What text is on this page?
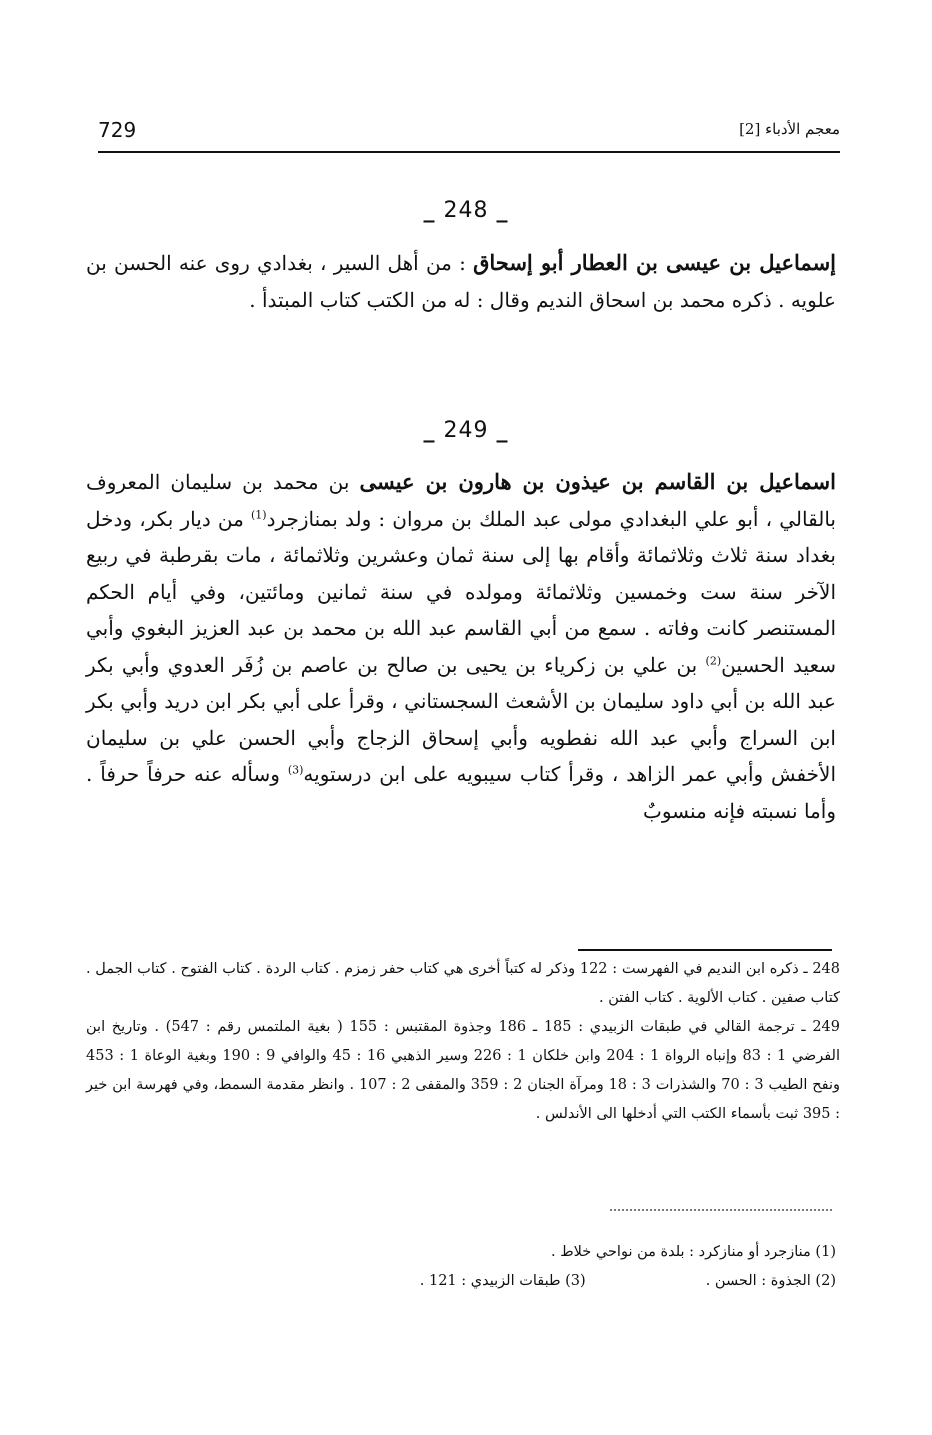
729	معجم الأدباء [2]
_ 248 _

إسماعيل بن عيسى بن العطار أبو إسحاق : من أهل السير ، بغدادي روى عنه الحسن بن علويه . ذكره محمد بن اسحاق النديم وقال : له من الكتب كتاب المبتدأ .

_ 249 _

اسماعيل بن القاسم بن عيذون بن هارون بن عيسى بن محمد بن سليمان المعروف بالقالي ، أبو علي البغدادي مولى عبد الملك بن مروان : ولد بمنازجرد$^{(1)}$ من ديار بكر، ودخل بغداد سنة ثلاث وثلاثمائة وأقام بها إلى سنة ثمان وعشرين وثلاثمائة ، مات بقرطبة في ربيع الآخر سنة ست وخمسين وثلاثمائة ومولده في سنة ثمانين ومائتين، وفي أيام الحكم المستنصر كانت وفاته . سمع من أبي القاسم عبد الله بن محمد بن عبد العزيز البغوي وأبي سعيد الحسين$^{(2)}$ بن علي بن زكرياء بن يحيى بن صالح بن عاصم بن زُفَر العدوي وأبي بكر عبد الله بن أبي داود سليمان بن الأشعث السجستاني ، وقرأ على أبي بكر ابن دريد وأبي بكر ابن السراج وأبي عبد الله نفطويه وأبي إسحاق الزجاج وأبي الحسن علي بن سليمان الأخفش وأبي عمر الزاهد ، وقرأ كتاب سيبويه على ابن درستويه$^{(3)}$ وسأله عنه حرفاً حرفاً . وأما نسبته فإنه منسوبٌ

248 ـ ذكره ابن النديم في الفهرست : 122 وذكر له كتباً أخرى هي كتاب حفر زمزم . كتاب الردة . كتاب الفتوح . كتاب الجمل . كتاب صفين . كتاب الألوية . كتاب الفتن .

249 ـ ترجمة القالي في طبقات الزبيدي : 185 ـ 186 وجذوة المقتبس : 155 ( بغية الملتمس رقم : 547) . وتاريخ ابن الفرضي 1 : 83 وإنباه الرواة 1 : 204 وابن خلكان 1 : 226 وسير الذهبي 16 : 45 والوافي 9 : 190 وبغية الوعاة 1 : 453 ونفح الطيب 3 : 70 والشذرات 3 : 18 ومرآة الجنان 2 : 359 والمقفى 2 : 107 . وانظر مقدمة السمط، وفي فهرسة ابن خير : 395 ثبت بأسماء الكتب التي أدخلها الى الأندلس .

(1) منازجرد أو منازكرد : بلدة من نواحي خلاط .
(2) الجذوة : الحسن .
(3) طبقات الزبيدي : 121 .
